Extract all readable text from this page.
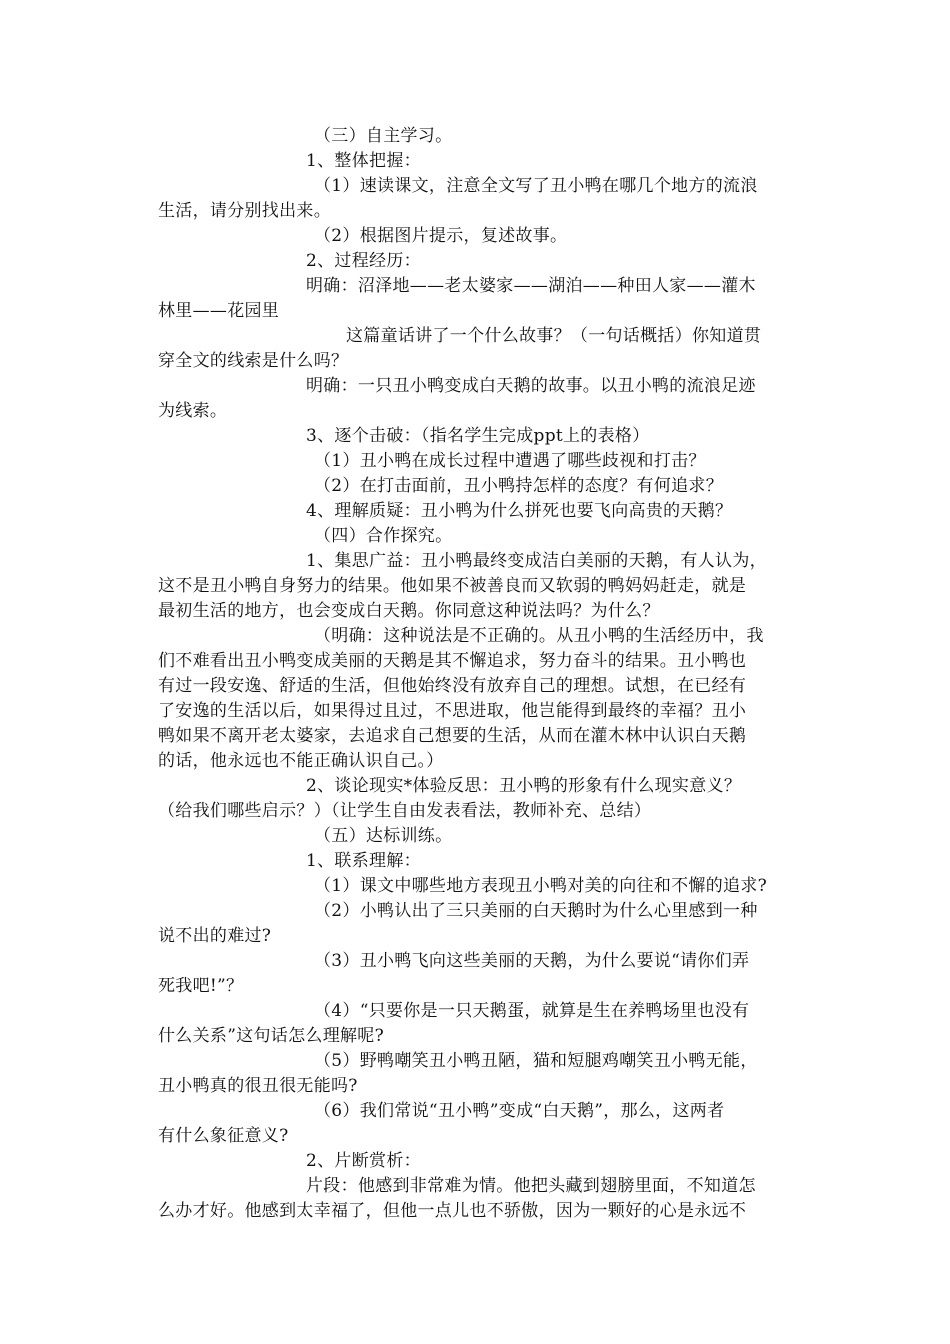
（三）自主学习。
1、整体把握：
（1）速读课文，注意全文写了丑小鸭在哪几个地方的流浪
生活，请分别找出来。
（2）根据图片提示，复述故事。
2、过程经历：
明确：沼泽地——老太婆家——湖泊——种田人家——灌木
林里——花园里
这篇童话讲了一个什么故事？（一句话概括）你知道贯
穿全文的线索是什么吗？
明确：一只丑小鸭变成白天鹅的故事。以丑小鸭的流浪足迹
为线索。
3、逐个击破：（指名学生完成ppt上的表格）
（1）丑小鸭在成长过程中遭遇了哪些歧视和打击？
（2）在打击面前，丑小鸭持怎样的态度？有何追求？
4、理解质疑：丑小鸭为什么拼死也要飞向高贵的天鹅？
（四）合作探究。
1、集思广益：丑小鸭最终变成洁白美丽的天鹅，有人认为，
这不是丑小鸭自身努力的结果。他如果不被善良而又软弱的鸭妈妈赶走，就是
最初生活的地方，也会变成白天鹅。你同意这种说法吗？为什么？
（明确：这种说法是不正确的。从丑小鸭的生活经历中，我
们不难看出丑小鸭变成美丽的天鹅是其不懈追求，努力奋斗的结果。丑小鸭也
有过一段安逸、舒适的生活，但他始终没有放弃自己的理想。试想，在已经有
了安逸的生活以后，如果得过且过，不思进取，他岂能得到最终的幸福？丑小
鸭如果不离开老太婆家，去追求自己想要的生活，从而在灌木林中认识白天鹅
的话，他永远也不能正确认识自己。）
2、谈论现实*体验反思：丑小鸭的形象有什么现实意义？
（给我们哪些启示？）（让学生自由发表看法，教师补充、总结）
（五）达标训练。
1、联系理解：
（1）课文中哪些地方表现丑小鸭对美的向往和不懈的追求?
（2）小鸭认出了三只美丽的白天鹅时为什么心里感到一种
说不出的难过?
（3）丑小鸭飞向这些美丽的天鹅，为什么要说“请你们弄
死我吧!”？
（4）“只要你是一只天鹅蛋，就算是生在养鸭场里也没有
什么关系”这句话怎么理解呢?
（5）野鸭嘲笑丑小鸭丑陋，猫和短腿鸡嘲笑丑小鸭无能，
丑小鸭真的很丑很无能吗?
（6）我们常说“丑小鸭”变成“白天鹅”，那么，这两者
有什么象征意义?
2、片断赏析：
片段：他感到非常难为情。他把头藏到翅膀里面，不知道怎
么办才好。他感到太幸福了，但他一点儿也不骄傲，因为一颗好的心是永远不
